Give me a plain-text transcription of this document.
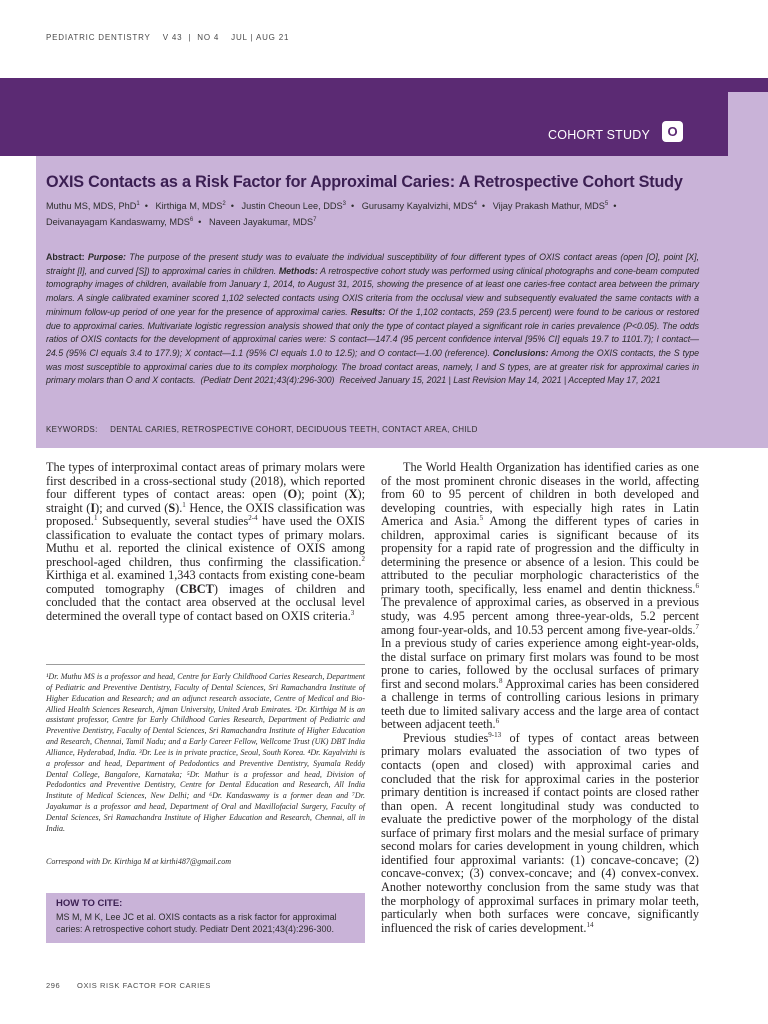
PEDIATRIC DENTISTRY V 43 | NO 4 JUL | AUG 21
COHORT STUDY	O
OXIS Contacts as a Risk Factor for Approximal Caries: A Retrospective Cohort Study
Muthu MS, MDS, PhD$^1$ • Kirthiga M, MDS$^2$ • Justin Cheoun Lee, DDS$^3$ • Gurusamy Kayalvizhi, MDS$^4$ • Vijay Prakash Mathur, MDS$^5$ •
Deivanayagam Kandaswamy, MDS$^6$ • Naveen Jayakumar, MDS$^7$
Abstract: Purpose: The purpose of the present study was to evaluate the individual susceptibility of four different types of OXIS contact areas (open [O], point [X], straight [I], and curved [S]) to approximal caries in children. Methods: A retrospective cohort study was performed using clinical photographs and cone-beam computed tomography images of children, available from January 1, 2014, to August 31, 2015, showing the presence of at least one caries-free contact area between the primary molars. A single calibrated examiner scored 1,102 selected contacts using OXIS criteria from the occlusal view and subsequently evaluated the same contacts with a minimum follow-up period of one year for the presence of approximal caries. Results: Of the 1,102 contacts, 259 (23.5 percent) were found to be carious or restored due to approximal caries. Multivariate logistic regression analysis showed that only the type of contact played a significant role in caries prevalence (P<0.05). The odds ratios of OXIS contacts for the development of approximal caries were: S contact—147.4 (95 percent confidence interval [95% CI] equals 19.7 to 1101.7); I contact—24.5 (95% CI equals 3.4 to 177.9); X contact—1.1 (95% CI equals 1.0 to 12.5); and O contact—1.00 (reference). Conclusions: Among the OXIS contacts, the S type was most susceptible to approximal caries due to its complex morphology. The broad contact areas, namely, I and S types, are at greater risk for approximal caries in primary molars than O and X contacts. (Pediatr Dent 2021;43(4):296-300) Received January 15, 2021 | Last Revision May 14, 2021 | Accepted May 17, 2021
KEYWORDS: DENTAL CARIES, RETROSPECTIVE COHORT, DECIDUOUS TEETH, CONTACT AREA, CHILD

The types of interproximal contact areas of primary molars were first described in a cross-sectional study (2018), which reported four different types of contact areas: open (O); point (X); straight (I); and curved (S).$^1$ Hence, the OXIS classification was proposed.$^1$ Subsequently, several studies$^{2-4}$ have used the OXIS classification to evaluate the contact types of primary molars. Muthu et al. reported the clinical existence of OXIS among preschool-aged children, thus confirming the classification.$^2$ Kirthiga et al. examined 1,343 contacts from existing cone-beam computed tomography (CBCT) images of children and concluded that the contact area observed at the occlusal level determined the overall type of contact based on OXIS criteria.$^3$

¹Dr. Muthu MS is a professor and head, Centre for Early Childhood Caries Research, Department of Pediatric and Preventive Dentistry, Faculty of Dental Sciences, Sri Ramachandra Institute of Higher Education and Research; and an adjunct research associate, Centre of Medical and Bio-Allied Health Sciences Research, Ajman University, United Arab Emirates. ²Dr. Kirthiga M is an assistant professor, Centre for Early Childhood Caries Research, Department of Pediatric and Preventive Dentistry, Faculty of Dental Sciences, Sri Ramachandra Institute of Higher Education and Research, Chennai, Tamil Nadu; and a Early Career Fellow, Wellcome Trust (UK) DBT India Alliance, Hyderabad, India. ³Dr. Lee is in private practice, Seoul, South Korea. ⁴Dr. Kayalvizhi is a professor and head, Department of Pedodontics and Preventive Dentistry, Syamala Reddy Dental College, Bangalore, Karnataka; ⁵Dr. Mathur is a professor and head, Division of Pedodontics and Preventive Dentistry, Centre for Dental Education and Research, All India Institute of Medical Sciences, New Delhi; and ⁶Dr. Kandaswamy is a former dean and ⁷Dr. Jayakumar is a professor and head, Department of Oral and Maxillofacial Surgery, Faculty of Dental Sciences, Sri Ramachandra Institute of Higher Education and Research, Chennai, all in India.
Correspond with Dr. Kirthiga M at kirthi487@gmail.com
HOW TO CITE:
MS M, M K, Lee JC et al. OXIS contacts as a risk factor for approximal caries: A retrospective cohort study. Pediatr Dent 2021;43(4):296-300.

The World Health Organization has identified caries as one of the most prominent chronic diseases in the world, affecting from 60 to 95 percent of children in both developed and developing countries, with especially high rates in Latin America and Asia.$^5$ Among the different types of caries in children, approximal caries is significant because of its propensity for a rapid rate of progression and the difficulty in determining the presence or absence of a lesion. This could be attributed to the peculiar morphologic characteristics of the primary tooth, specifically, less enamel and dentin thickness.$^6$ The prevalence of approximal caries, as observed in a previous study, was 4.95 percent among three-year-olds, 5.2 percent among four-year-olds, and 10.53 percent among five-year-olds.$^7$ In a previous study of caries experience among eight-year-olds, the distal surface on primary first molars was found to be most prone to caries, followed by the occlusal surfaces of primary first and second molars.$^8$ Approximal caries has been considered a challenge in terms of controlling carious lesions in primary teeth due to limited salivary access and the large area of contact between adjacent teeth.$^6$

Previous studies$^{9-13}$ of types of contact areas between primary molars evaluated the association of two types of contacts (open and closed) with approximal caries and concluded that the risk for approximal caries in the posterior primary dentition is increased if contact points are closed rather than open. A recent longitudinal study was conducted to evaluate the predictive power of the morphology of the distal surface of primary first molars and the mesial surface of primary second molars for caries development in young children, which identified four approximal variants: (1) concave-concave; (2) concave-convex; (3) convex-concave; and (4) convex-convex. Another noteworthy conclusion from the same study was that the morphology of approximal surfaces in primary molar teeth, particularly when both surfaces were concave, significantly influenced the risk of caries development.$^{14}$

296 OXIS RISK FACTOR FOR CARIES
